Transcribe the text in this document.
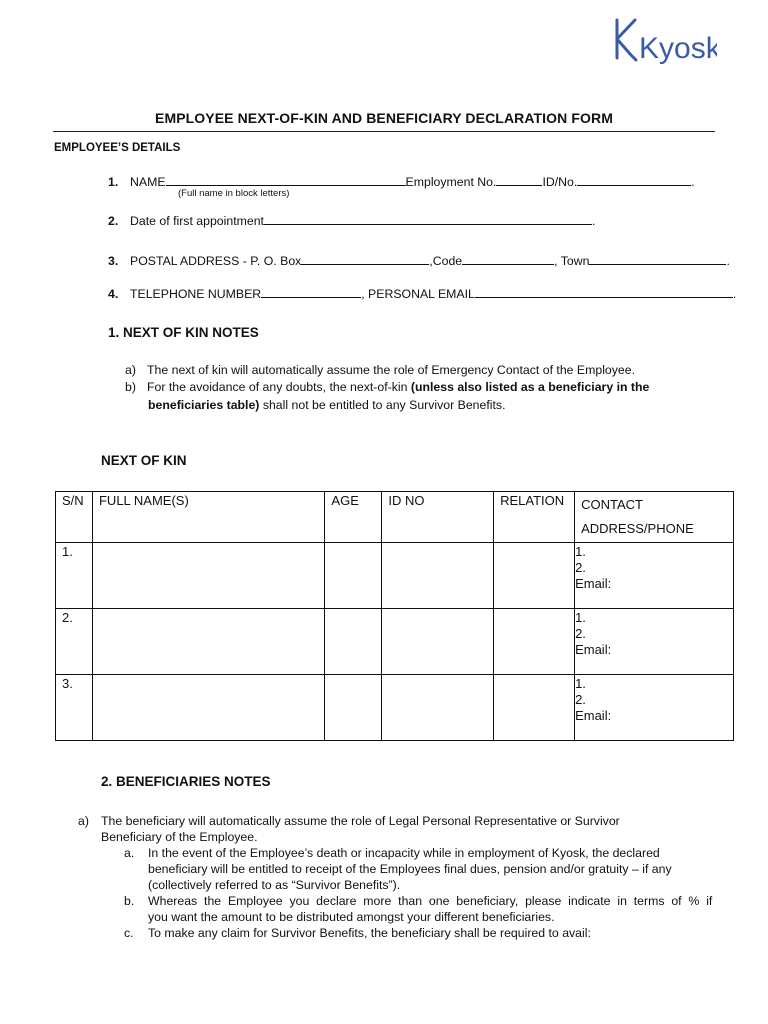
Kyosk
EMPLOYEE NEXT-OF-KIN AND BENEFICIARY DECLARATION FORM
EMPLOYEE’S DETAILS
1. NAME	Employment No.	ID/No.	.
(Full name in block letters)
2. Date of first appointment	.
3. POSTAL ADDRESS - P. O. Box	,Code	, Town	.
4. TELEPHONE NUMBER	, PERSONAL EMAIL	.
1. NEXT OF KIN NOTES
a) The next of kin will automatically assume the role of Emergency Contact of the Employee.
b) For the avoidance of any doubts, the next-of-kin (unless also listed as a beneficiary in the
beneficiaries table) shall not be entitled to any Survivor Benefits.
NEXT OF KIN
S/N	FULL NAME(S)	AGE	ID NO	RELATION	CONTACT
ADDRESS/PHONE

1.					1.
2.
Email:

2.					1.
2.
Email:

3.					1.
2.
Email:
2. BENEFICIARIES NOTES
a) The beneficiary will automatically assume the role of Legal Personal Representative or Survivor
Beneficiary of the Employee.
a. In the event of the Employee’s death or incapacity while in employment of Kyosk, the declared
beneficiary will be entitled to receipt of the Employees final dues, pension and/or gratuity – if any
(collectively referred to as “Survivor Benefits”).
b. Whereas  the  Employee  you  declare  more  than  one  beneficiary,  please  indicate  in  terms  of  %  if
you want the amount to be distributed amongst your different beneficiaries.
c. To make any claim for Survivor Benefits, the beneficiary shall be required to avail:
